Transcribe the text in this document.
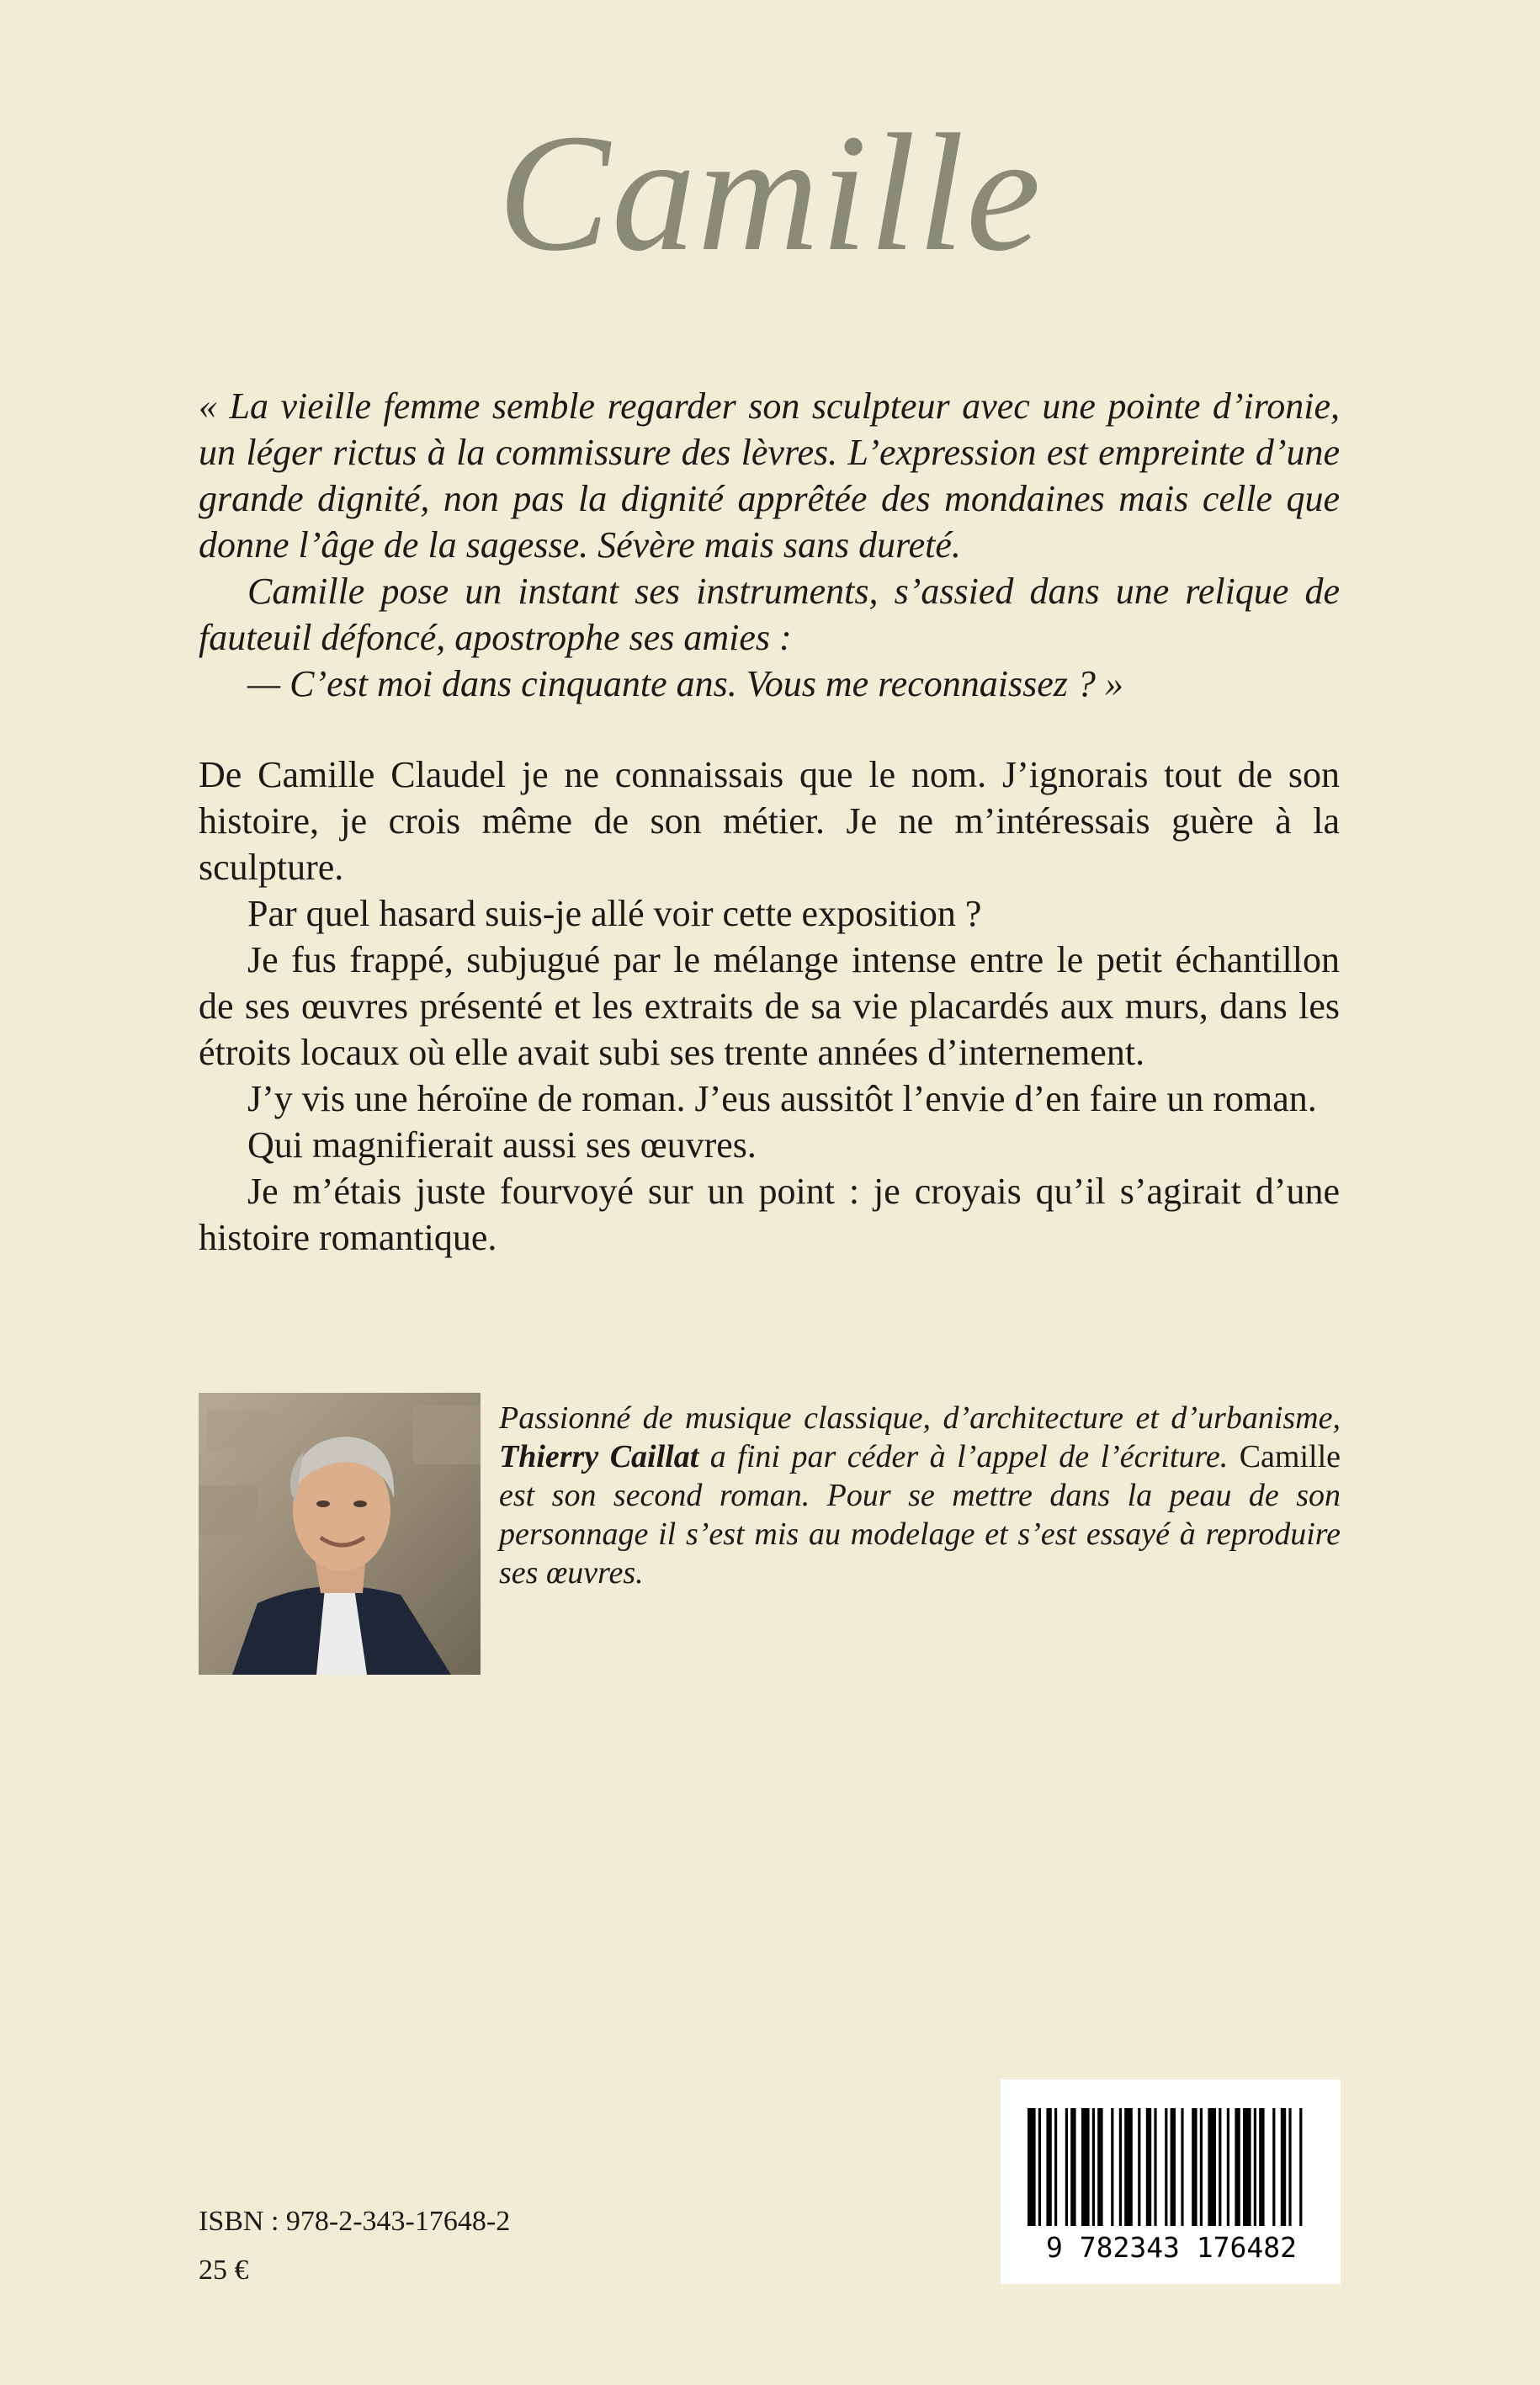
Camille

« La vieille femme semble regarder son sculpteur avec une pointe d’ironie, un léger rictus à la commissure des lèvres. L’expression est empreinte d’une grande dignité, non pas la dignité apprêtée des mondaines mais celle que donne l’âge de la sagesse. Sévère mais sans dureté.

Camille pose un instant ses instruments, s’assied dans une relique de fauteuil défoncé, apostrophe ses amies :

— C’est moi dans cinquante ans. Vous me reconnaissez ? »

De Camille Claudel je ne connaissais que le nom. J’ignorais tout de son histoire, je crois même de son métier. Je ne m’intéressais guère à la sculpture.

Par quel hasard suis-je allé voir cette exposition ?

Je fus frappé, subjugué par le mélange intense entre le petit échantillon de ses œuvres présenté et les extraits de sa vie placardés aux murs, dans les étroits locaux où elle avait subi ses trente années d’internement.

J’y vis une héroïne de roman. J’eus aussitôt l’envie d’en faire un roman.

Qui magnifierait aussi ses œuvres.

Je m’étais juste fourvoyé sur un point : je croyais qu’il s’agirait d’une histoire romantique.

Passionné de musique classique, d’architecture et d’urbanisme, Thierry Caillat a fini par céder à l’appel de l’écriture. Camille est son second roman. Pour se mettre dans la peau de son personnage il s’est mis au modelage et s’est essayé à reproduire ses œuvres.
ISBN : 978-2-343-17648-2
25 €
9 782343 176482
